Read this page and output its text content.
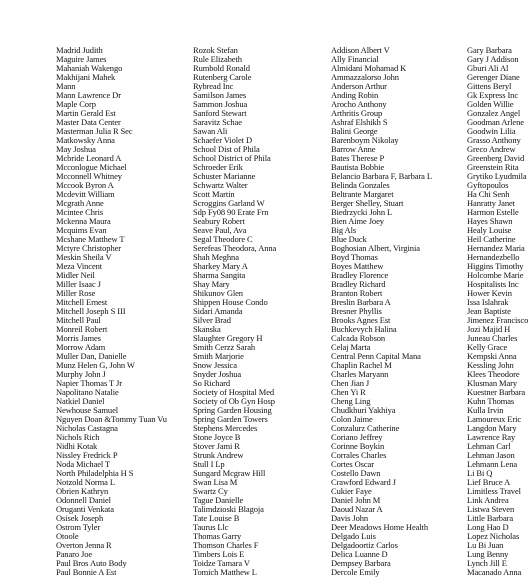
Madrid Judith
Maguire James
Mahaniah Wakengo
Makhijani Mahek
Mann
Mann Lawrence Dr
Maple Corp
Martin Gerald Est
Master Data Center
Masterman Julia R Sec
Matkowsky Anna
May Joshua
Mcbride Leonard A
Mcconlogue Michael
Mcconnell Whitney
Mccook Byron A
Mcdevitt William
Mcgrath Anne
Mcintee Chris
Mckenna Maura
Mcquims Evan
Mcshane Matthew T
Mctyre Christopher
Meskin Sheila V
Meza Vincent
Midler Neil
Miller Isaac J
Miller Rose
Mitchell Ernest
Mitchell Joseph S III
Mitchell Paul
Monreil Robert
Morris James
Morrow Adam
Muller Dan, Danielle
Munz Helen G, John W
Murphy John J
Napier Thomas T Jr
Napolitano Natalie
Natkiel Daniel
Newhouse Samuel
Nguyen Doan &Tommy Tuan Vu
Nicholas Castagna
Nichols Rich
Nidhi Kotak
Nissley Fredrick P
Noda Michael T
North Philadelphia H S
Notzold Norma L
Obrien Kathryn
Odonnell Daniel
Oruganti Venkata
Osisek Joseph
Ostrom Tyler
Otoole
Overton Jenna R
Panaro Joe
Paul Bros Auto Body
Paul Bonnie A Est
Rozok Stefan
Rule Elizabeth
Rumbold Ronald
Rutenberg Carole
Rybread Inc
Samilson James
Sammon Joshua
Sanford Stewart
Saravitz Schae
Sawan Ali
Schaefer Violet D
School Dist of Phila
School District of Phila
Schroeder Erik
Schuster Marianne
Schwartz Walter
Scott Martin
Scroggins Garland W
Sdp Fy08 90 Erate Frn
Seabury Robert
Seave Paul, Ava
Segal Theodore C
Serefeas Theodora, Anna
Shah Meghna
Sharkey Mary A
Sharma Sangita
Shay Mary
Shikunov Glen
Shippen House Condo
Sidari Amanda
Silver Brad
Skanska
Slaughter Gregory H
Smith Cerzz Sarah
Smith Marjorie
Snow Jessica
Snyder Joshua
So Richard
Society of Hospital Med
Society of Ob Gyn Hosp
Spring Garden Housing
Spring Garden Towers
Stephens Mercedes
Stone Joyce B
Stover Jami R
Strunk Andrew
Stull I Lp
Sungard Mcgraw Hill
Swan Lisa M
Swartz Cy
Tague Danielle
Talimdzioski Blagoja
Tate Louise B
Taurus Llc
Thomas Garry
Thomson Charles F
Timbers Lois E
Toidze Tamara V
Tomich Matthew L
Addison Albert V
Ally Financial
Almidani Mohamad K
Ammazzalorso John
Anderson Arthur
Anding Robin
Arocho Anthony
Arthritis Group
Ashraf Elshikh S
Balini George
Barenboym Nikolay
Barrow Anne
Bates Therese P
Bautista Bobbie
Belancio Barbara F, Barbara L
Belinda Gonzales
Beltrante Margaret
Berger Shelley, Stuart
Biedrzycki John L
Bien Aime Joey
Big Als
Blue Duck
Boghosian Albert, Virginia
Boyd Thomas
Boyes Matthew
Bradley Florence
Bradley Richard
Branton Robert
Breslin Barbara A
Bresner Phyllis
Brooks Agnes Est
Buchkevych Halina
Calcada Robson
Celaj Marta
Central Penn Capital Mana
Chaplin Rachel M
Charles Maryann
Chen Jian J
Chen Yi R
Cheng Ling
Chudkhuri Yakhiya
Colon Jaime
Conzalurz Catherine
Coriano Jeffrey
Corinne Boykin
Corrales Charles
Cortes Oscar
Costello Dawn
Crawford Edward J
Cukier Faye
Daniel John M
Daoud Nazar A
Davis John
Deer Meadows Home Health
Delgado Luis
Delgadoortiz Carlos
Delica Luanne D
Dempsey Barbara
Dercole Emily
Gary Barbara
Gary J Addison
Gburi Ali Al
Gerenger Diane
Gittens Beryl
Gk Express Inc
Golden Willie
Gonzalez Angel
Goodman Arlene
Goodwin Lilia
Grasso Anthony
Greco Andrew
Greenberg David
Greenstein Rita
Grytiko Lyudmila
Gyftopoulos
Ha Chi Senh
Hanratty Janet
Harmon Estelle
Hayes Shawn
Healy Louise
Heil Catherine
Hernandez Maria
Hernandezbello
Higgins Timothy
Holcombe Marie
Hospitalists Inc
Hower Kevin
Issa Islahrak
Jean Baptiste
Jimenez Francisco
Jozi Majid H
Juneau Charles
Kelly Grace
Kempski Anna
Kessling John
Klees Theodore
Klusman Mary
Kuestner Barbara
Kuhn Thomas
Kulla Irvin
Lamoureux Eric
Langdon Mary
Lawrence Ray
Lehman Carl
Lehman Jason
Lehmann Lena
Li Bi Q
Lief Bruce A
Limitless Travel
Link Andrea
Listwa Steven
Little Barbara
Long Hao D
Lopez Nicholas
Lu Bi Juan
Lung Benny
Lynch Jill E
Macanado Anna
